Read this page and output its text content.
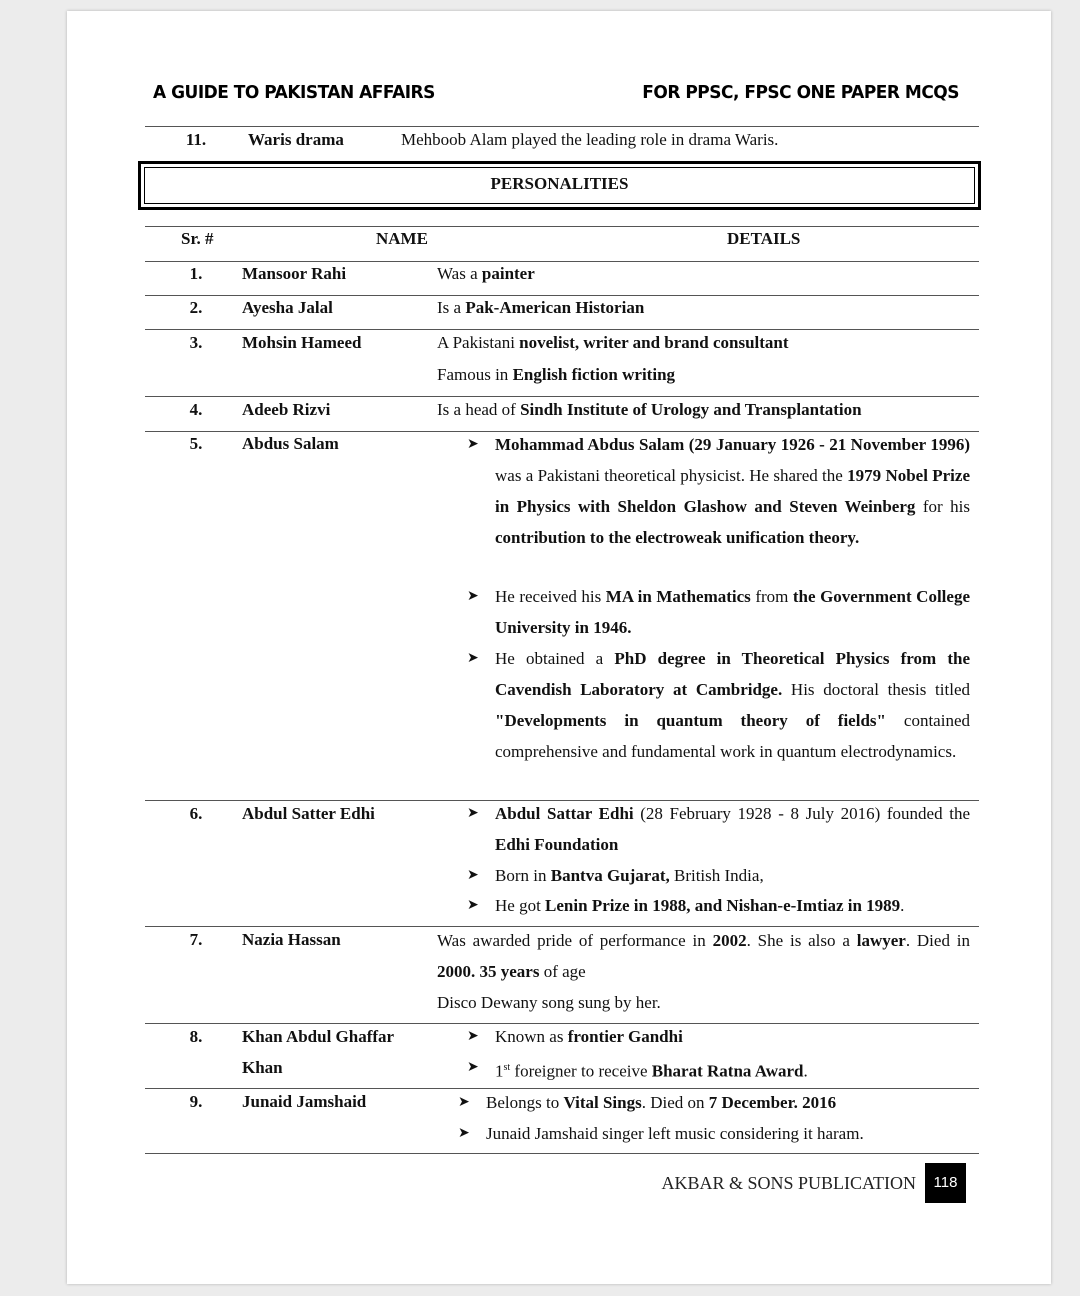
A GUIDE TO PAKISTAN AFFAIRS	FOR PPSC, FPSC ONE PAPER MCQS
11.	Waris drama	Mehboob Alam played the leading role in drama Waris.
PERSONALITIES
Sr. #	NAME	DETAILS
1.	Mansoor Rahi	Was a painter
2.	Ayesha Jalal	Is a Pak-American Historian
3.	Mohsin Hameed	A Pakistani novelist, writer and brand consultant
Famous in English fiction writing
4.	Adeeb Rizvi	Is a head of Sindh Institute of Urology and Transplantation
5.	Abdus Salam	➤ Mohammad Abdus Salam (29 January 1926 - 21 November 1996) was a Pakistani theoretical physicist. He shared the 1979 Nobel Prize in Physics with Sheldon Glashow and Steven Weinberg for his contribution to the electroweak unification theory.
➤ He received his MA in Mathematics from the Government College University in 1946.
➤ He obtained a PhD degree in Theoretical Physics from the Cavendish Laboratory at Cambridge. His doctoral thesis titled "Developments in quantum theory of fields" contained comprehensive and fundamental work in quantum electrodynamics.
6.	Abdul Satter Edhi	➤ Abdul Sattar Edhi (28 February 1928 - 8 July 2016) founded the Edhi Foundation
➤ Born in Bantva Gujarat, British India,
➤ He got Lenin Prize in 1988, and Nishan-e-Imtiaz in 1989.
7.	Nazia Hassan	Was awarded pride of performance in 2002. She is also a lawyer. Died in 2000. 35 years of age
Disco Dewany song sung by her.
8.	Khan Abdul Ghaffar Khan
➤ Known as frontier Gandhi
➤ 1st foreigner to receive Bharat Ratna Award.
9.	Junaid Jamshaid	➤ Belongs to Vital Sings. Died on 7 December. 2016
➤ Junaid Jamshaid singer left music considering it haram.
AKBAR & SONS PUBLICATION	118
